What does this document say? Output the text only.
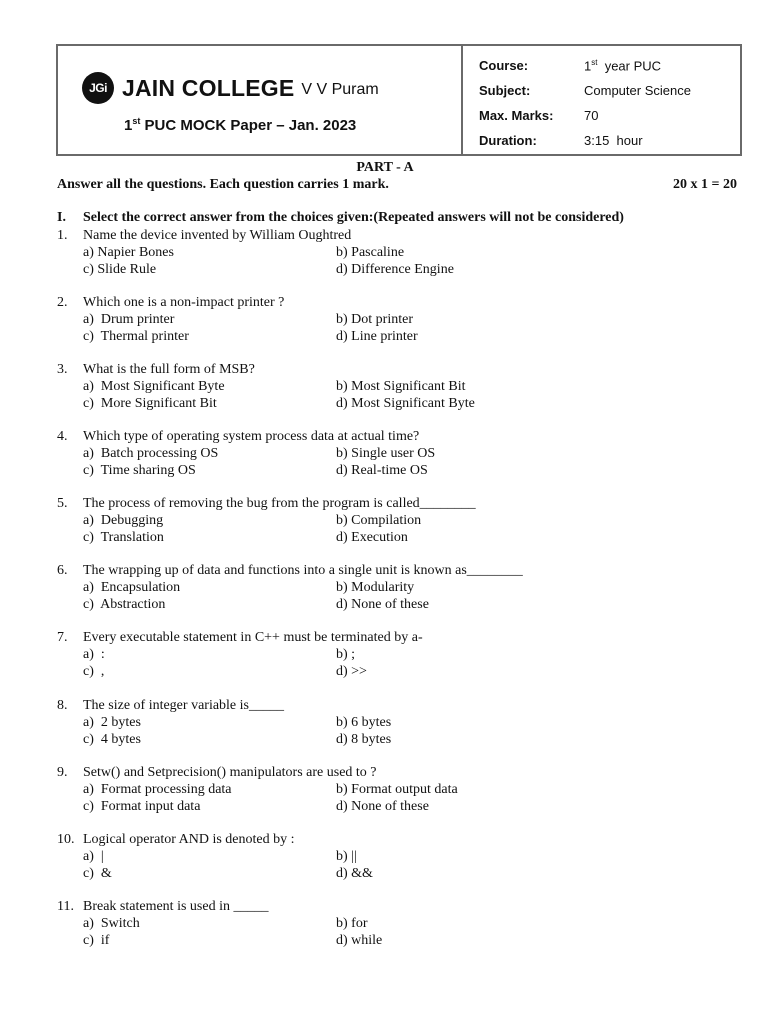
JGi JAIN COLLEGE V V Puram
1st PUC MOCK Paper – Jan. 2023
Course:	1st  year PUC
Subject:	Computer Science
Max. Marks: 70
Duration:	3:15  hour
PART - A
Answer all the questions. Each question carries 1 mark.	20 x 1 = 20
I. Select the correct answer from the choices given:(Repeated answers will not be considered)
1. Name the device invented by William Oughtred
a) Napier Bones	b) Pascaline
c) Slide Rule	d) Difference Engine
2. Which one is a non-impact printer ?
a)  Drum printer	b) Dot printer
c)  Thermal printer	d) Line printer
3. What is the full form of MSB?
a)  Most Significant Byte	b) Most Significant Bit
c)  More Significant Bit	d) Most Significant Byte
4. Which type of operating system process data at actual time?
a)  Batch processing OS	b) Single user OS
c)  Time sharing OS	d) Real-time OS
5. The process of removing the bug from the program is called________
a)  Debugging	b) Compilation
c)  Translation	d) Execution
6. The wrapping up of data and functions into a single unit is known as________
a)  Encapsulation	b) Modularity
c)  Abstraction	d) None of these
7. Every executable statement in C++ must be terminated by a-
a)  :	b) ;
c)  ,	d) >>
8. The size of integer variable is_____
a)  2 bytes	b) 6 bytes
c)  4 bytes	d) 8 bytes
9. Setw() and Setprecision() manipulators are used to ?
a)  Format processing data	b) Format output data
c)  Format input data	d) None of these
10. Logical operator AND is denoted by :
a)  |	b) ||
c)  &	d) &&
11. Break statement is used in _____
a)  Switch	b) for
c)  if	d) while
